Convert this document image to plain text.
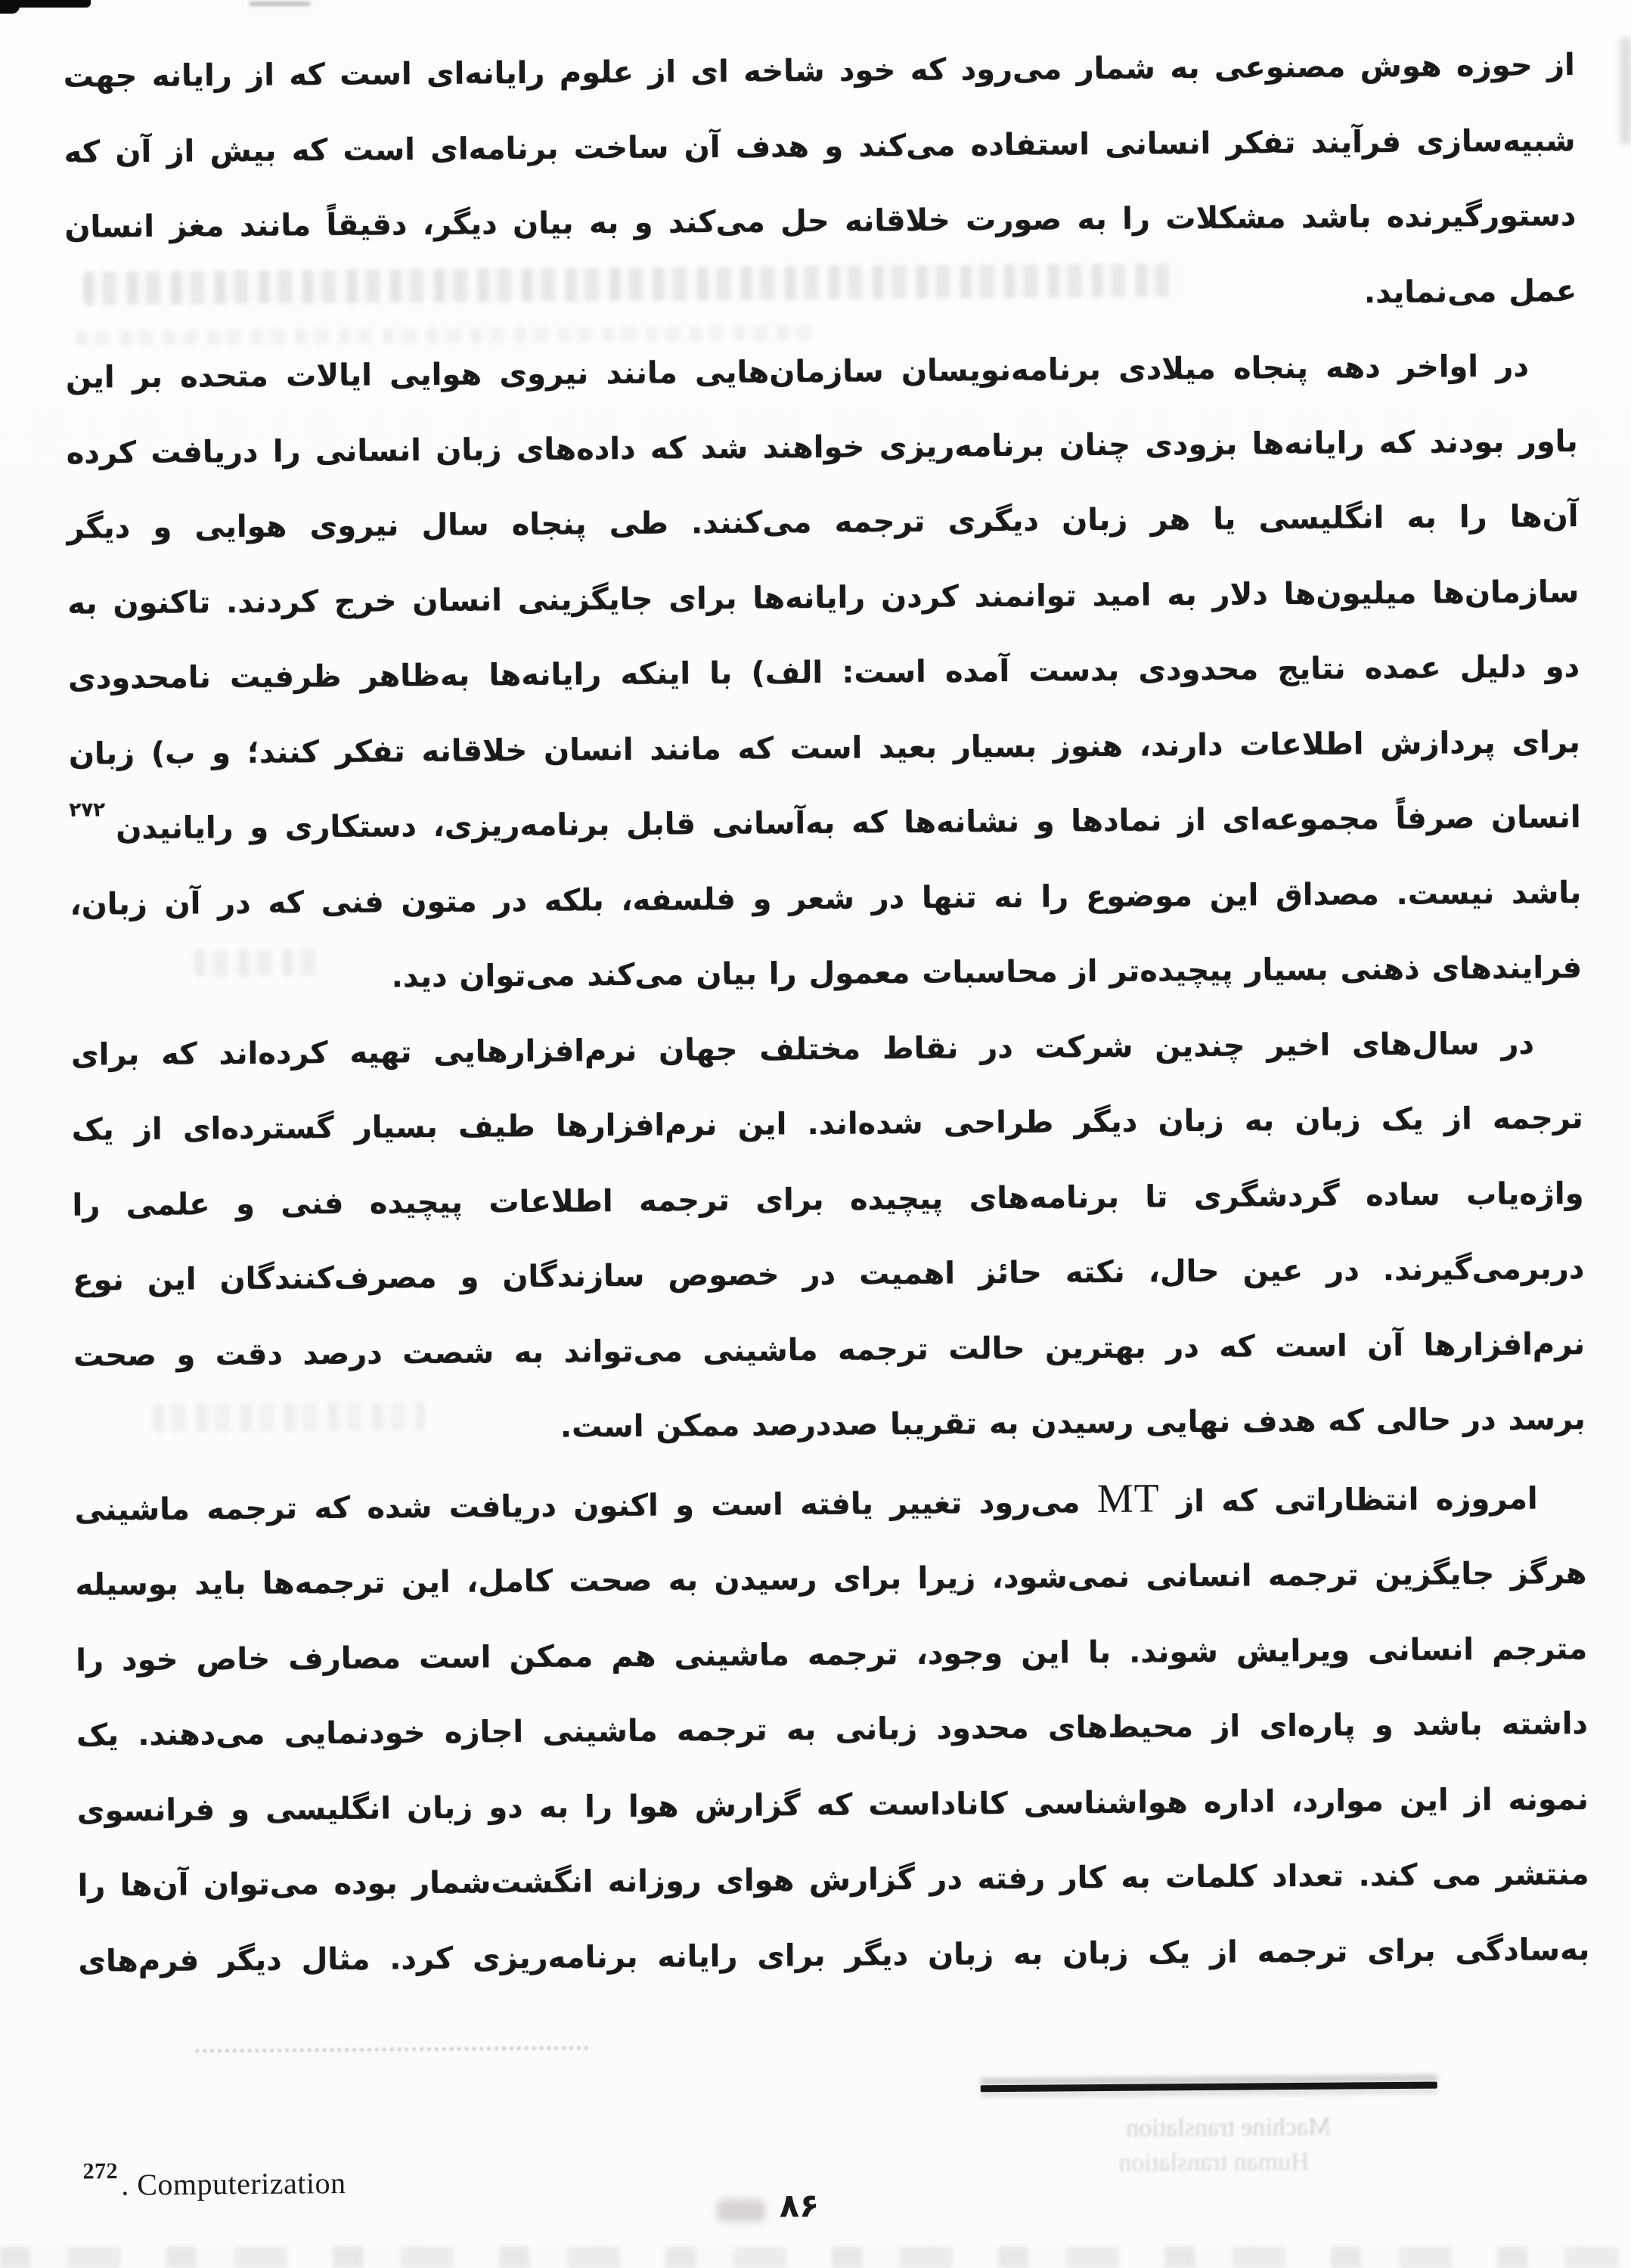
از حوزه هوش مصنوعی به شمار می‌رود که خود شاخه ای از علوم رایانه‌ای است که از رایانه جهت
شبیه‌سازی فرآیند تفکر انسانی استفاده می‌کند و هدف آن ساخت برنامه‌ای است که بیش از آن که
دستورگیرنده باشد مشکلات را به صورت خلاقانه حل می‌کند و به بیان دیگر، دقیقاً مانند مغز انسان
عمل می‌نماید.
در اواخر دهه پنجاه میلادی برنامه‌نویسان سازمان‌هایی مانند نیروی هوایی ایالات متحده بر این
باور بودند که رایانه‌ها بزودی چنان برنامه‌ریزی خواهند شد که داده‌های زبان انسانی را دریافت کرده
آن‌ها را به انگلیسی یا هر زبان دیگری ترجمه می‌کنند. طی پنجاه سال نیروی هوایی و دیگر
سازمان‌ها میلیون‌ها دلار به امید توانمند کردن رایانه‌ها برای جایگزینی انسان خرج کردند. تاکنون به
دو دلیل عمده نتایج محدودی بدست آمده است: الف) با اینکه رایانه‌ها به‌ظاهر ظرفیت نامحدودی
برای پردازش اطلاعات دارند، هنوز بسیار بعید است که مانند انسان خلاقانه تفکر کنند؛ و ب) زبان
انسان صرفاً مجموعه‌ای از نمادها و نشانه‌ها که به‌آسانی قابل برنامه‌ریزی، دستکاری و رایانیدن$^{۲۷۲}$
باشد نیست. مصداق این موضوع را نه تنها در شعر و فلسفه، بلکه در متون فنی که در آن زبان،
فرایندهای ذهنی بسیار پیچیده‌تر از محاسبات معمول را بیان می‌کند می‌توان دید.
در سال‌های اخیر چندین شرکت در نقاط مختلف جهان نرم‌افزارهایی تهیه کرده‌اند که برای
ترجمه از یک زبان به زبان دیگر طراحی شده‌اند. این نرم‌افزارها طیف بسیار گسترده‌ای از یک
واژه‌یاب ساده گردشگری تا برنامه‌های پیچیده برای ترجمه اطلاعات پیچیده فنی و علمی را
دربرمی‌گیرند. در عین حال، نکته حائز اهمیت در خصوص سازندگان و مصرف‌کنندگان این نوع
نرم‌افزارها آن است که در بهترین حالت ترجمه ماشینی می‌تواند به شصت درصد دقت و صحت
برسد در حالی که هدف نهایی رسیدن به تقریبا صددرصد ممکن است.
امروزه انتظاراتی که از MT می‌رود تغییر یافته است و اکنون دریافت شده که ترجمه ماشینی
هرگز جایگزین ترجمه انسانی نمی‌شود، زیرا برای رسیدن به صحت کامل، این ترجمه‌ها باید بوسیله
مترجم انسانی ویرایش شوند. با این وجود، ترجمه ماشینی هم ممکن است مصارف خاص خود را
داشته باشد و پاره‌ای از محیط‌های محدود زبانی به ترجمه ماشینی اجازه خودنمایی می‌دهند. یک
نمونه از این موارد، اداره هواشناسی کاناداست که گزارش هوا را به دو زبان انگلیسی و فرانسوی
منتشر می کند. تعداد کلمات به کار رفته در گزارش هوای روزانه انگشت‌شمار بوده می‌توان آن‌ها را
به‌سادگی برای ترجمه از یک زبان به زبان دیگر برای رایانه برنامه‌ریزی کرد. مثال دیگر فرم‌های
Machine translation
Human translation
$^{272}$. Computerization
۸۶
